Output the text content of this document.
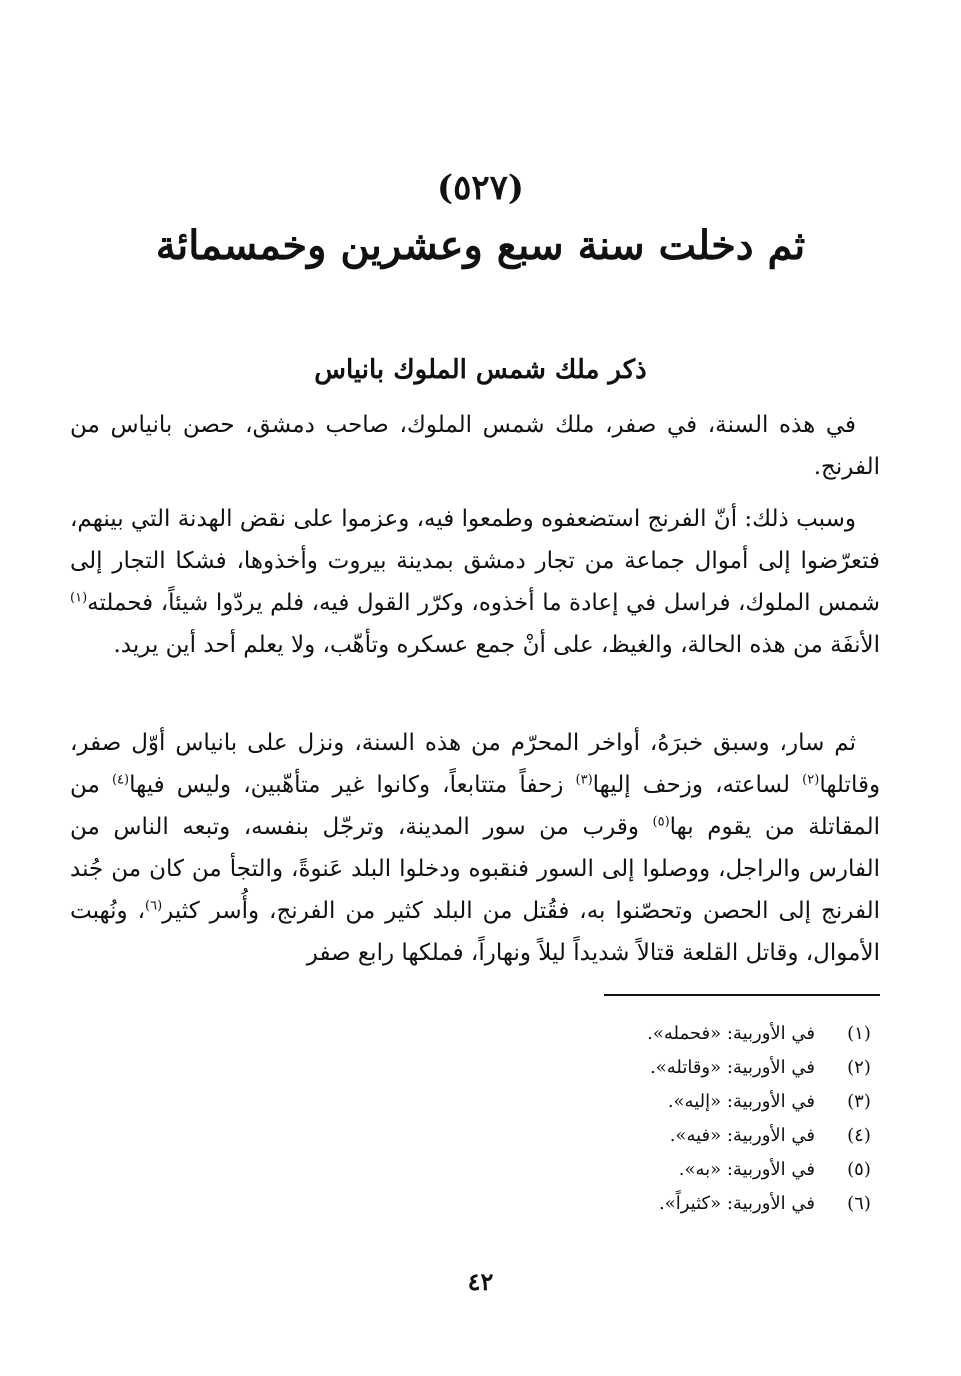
(٥٢٧)
ثم دخلت سنة سبع وعشرين وخمسمائة
ذكر ملك شمس الملوك بانياس

في هذه السنة، في صفر، ملك شمس الملوك، صاحب دمشق، حصن بانياس من الفرنج.

وسبب ذلك: أنّ الفرنج استضعفوه وطمعوا فيه، وعزموا على نقض الهدنة التي بينهم، فتعرّضوا إلى أموال جماعة من تجار دمشق بمدينة بيروت وأخذوها، فشكا التجار إلى شمس الملوك، فراسل في إعادة ما أخذوه، وكرّر القول فيه، فلم يردّوا شيئاً، فحملته$^{(١)}$ الأنفَة من هذه الحالة، والغيظ، على أنْ جمع عسكره وتأهّب، ولا يعلم أحد أين يريد.

ثم سار، وسبق خبرَهُ، أواخر المحرّم من هذه السنة، ونزل على بانياس أوّل صفر، وقاتلها$^{(٢)}$ لساعته، وزحف إليها$^{(٣)}$ زحفاً متتابعاً، وكانوا غير متأهّبين، وليس فيها$^{(٤)}$ من المقاتلة من يقوم بها$^{(٥)}$ وقرب من سور المدينة، وترجّل بنفسه، وتبعه الناس من الفارس والراجل، ووصلوا إلى السور فنقبوه ودخلوا البلد عَنوةً، والتجأ من كان من جُند الفرنج إلى الحصن وتحصّنوا به، فقُتل من البلد كثير من الفرنج، وأُسر كثير$^{(٦)}$، ونُهبت الأموال، وقاتل القلعة قتالاً شديداً ليلاً ونهاراً، فملكها رابع صفر

(١)في الأوربية: «فحمله».
(٢)في الأوربية: «وقاتله».
(٣)في الأوربية: «إليه».
(٤)في الأوربية: «فيه».
(٥)في الأوربية: «به».
(٦)في الأوربية: «كثيراً».
٤٢
